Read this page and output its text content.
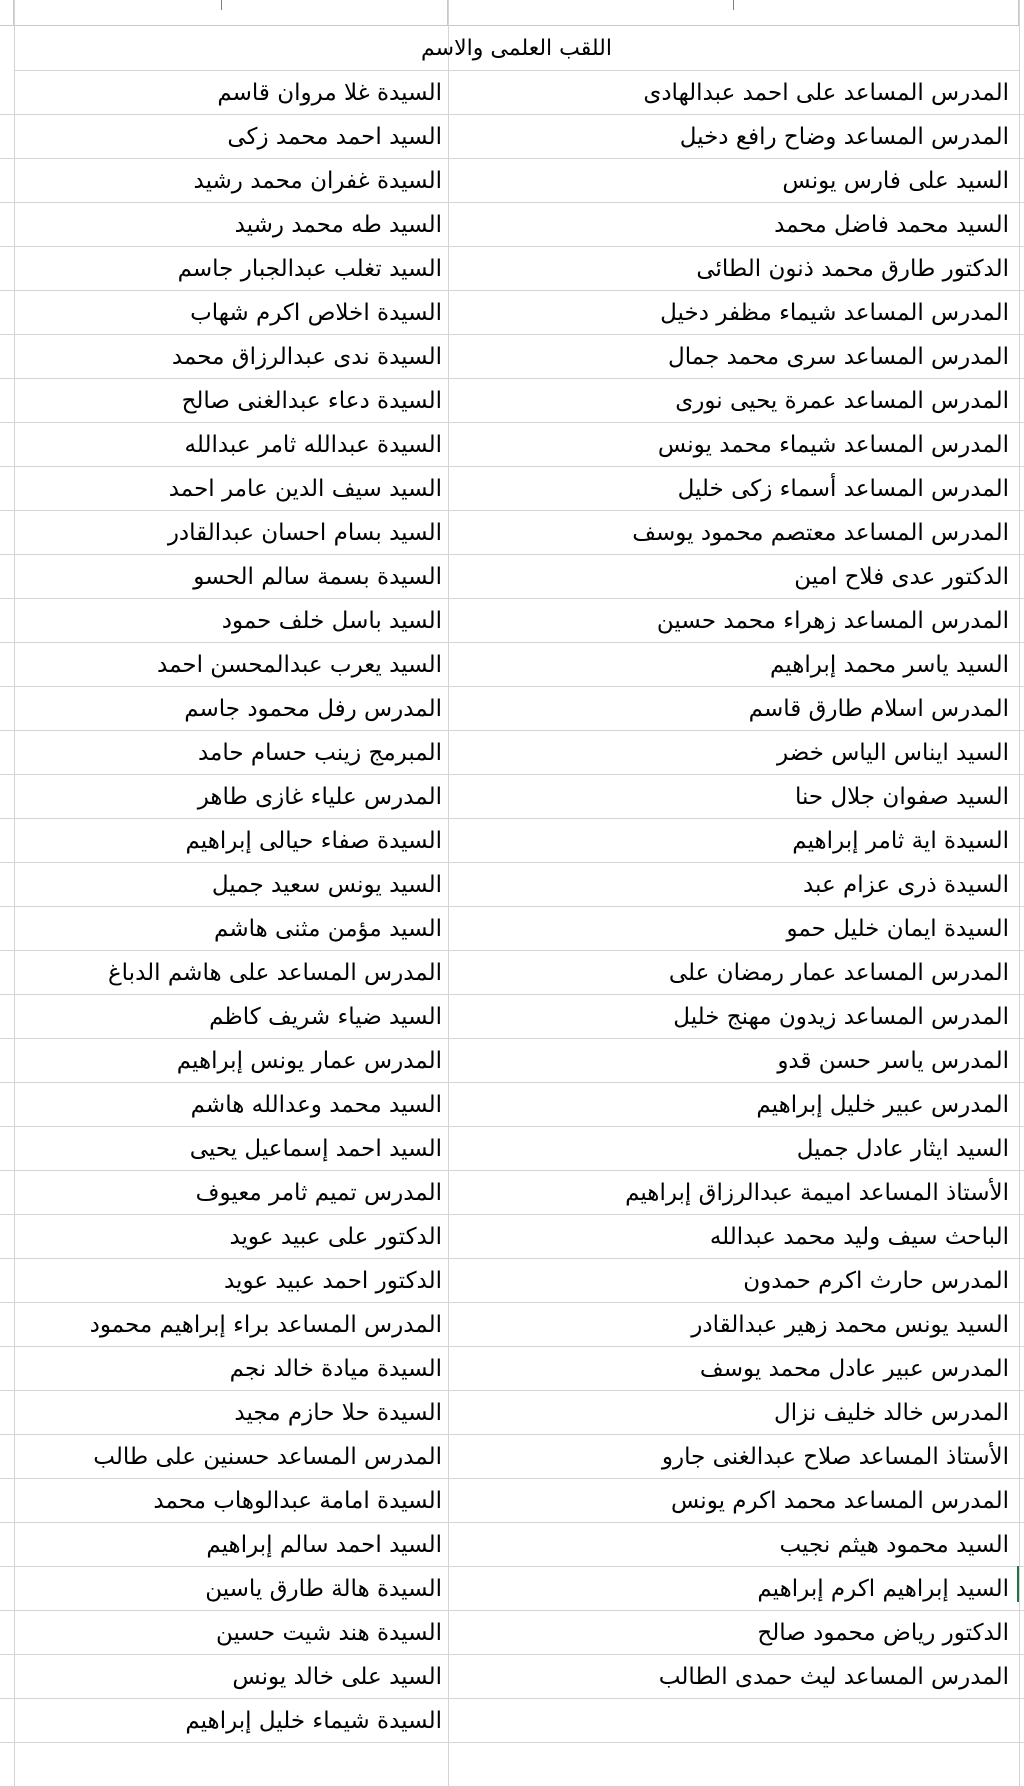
اللقب العلمى والاسم
السيدة غلا مروان قاسم	المدرس المساعد على احمد عبدالهادى
السيد احمد محمد زكى	المدرس المساعد وضاح رافع دخيل
السيدة غفران محمد رشيد	السيد على فارس يونس
السيد طه محمد رشيد	السيد محمد فاضل محمد
السيد تغلب عبدالجبار جاسم	الدكتور طارق محمد ذنون الطائى
السيدة اخلاص اكرم شهاب	المدرس المساعد شيماء مظفر دخيل
السيدة ندى عبدالرزاق محمد	المدرس المساعد سرى محمد جمال
السيدة دعاء عبدالغنى صالح	المدرس المساعد عمرة يحيى نورى
السيدة عبدالله ثامر عبدالله	المدرس المساعد شيماء محمد يونس
السيد سيف الدين عامر احمد	المدرس المساعد أسماء زكى خليل
السيد بسام احسان عبدالقادر	المدرس المساعد معتصم محمود يوسف
السيدة بسمة سالم الحسو	الدكتور عدى فلاح امين
السيد باسل خلف حمود	المدرس المساعد زهراء محمد حسين
السيد يعرب عبدالمحسن احمد	السيد ياسر محمد إبراهيم
المدرس رفل محمود جاسم	المدرس اسلام طارق قاسم
المبرمج زينب حسام حامد	السيد ايناس الياس خضر
المدرس علياء غازى طاهر	السيد صفوان جلال حنا
السيدة صفاء حيالى إبراهيم	السيدة اية ثامر إبراهيم
السيد يونس سعيد جميل	السيدة ذرى عزام عبد
السيد مؤمن مثنى هاشم	السيدة ايمان خليل حمو
المدرس المساعد على هاشم الدباغ	المدرس المساعد عمار رمضان على
السيد ضياء شريف كاظم	المدرس المساعد زيدون مهنج خليل
المدرس عمار يونس إبراهيم	المدرس ياسر حسن قدو
السيد محمد وعدالله هاشم	المدرس عبير خليل إبراهيم
السيد احمد إسماعيل يحيى	السيد ايثار عادل جميل
المدرس تميم ثامر معيوف	الأستاذ المساعد اميمة عبدالرزاق إبراهيم
الدكتور على عبيد عويد	الباحث سيف وليد محمد عبدالله
الدكتور احمد عبيد عويد	المدرس حارث اكرم حمدون
المدرس المساعد براء إبراهيم محمود	السيد يونس محمد زهير عبدالقادر
السيدة ميادة خالد نجم	المدرس عبير عادل محمد يوسف
السيدة حلا حازم مجيد	المدرس خالد خليف نزال
المدرس المساعد حسنين على طالب	الأستاذ المساعد صلاح عبدالغنى جارو
السيدة امامة عبدالوهاب محمد	المدرس المساعد محمد اكرم يونس
السيد احمد سالم إبراهيم	السيد محمود هيثم نجيب
السيدة هالة طارق ياسين	السيد إبراهيم اكرم إبراهيم
السيدة هند شيت حسين	الدكتور رياض محمود صالح
السيد على خالد يونس	المدرس المساعد ليث حمدى الطالب
السيدة شيماء خليل إبراهيم
